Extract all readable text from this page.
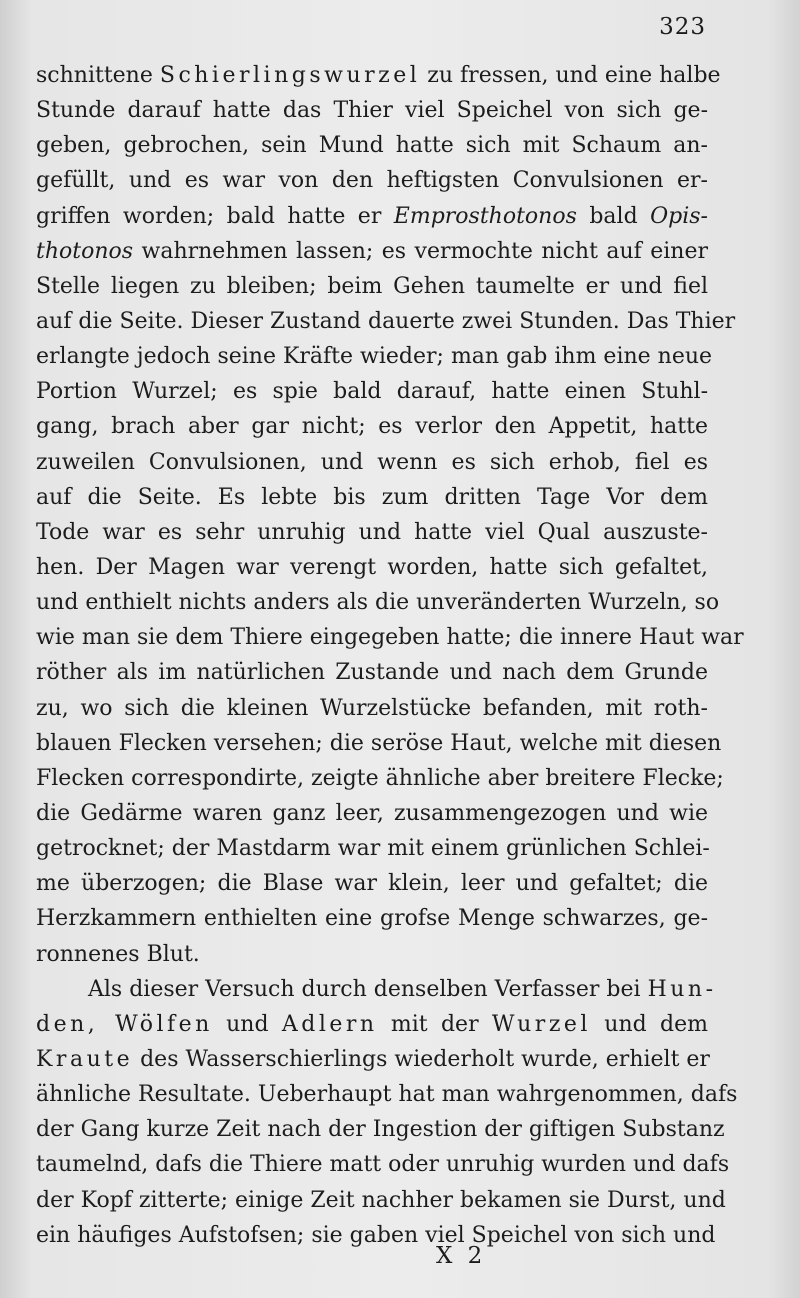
323
schnittene Schierlingswurzel zu fressen, und eine halbe
Stunde darauf hatte das Thier viel Speichel von sich ge-
geben, gebrochen, sein Mund hatte sich mit Schaum an-
gefüllt, und es war von den heftigsten Convulsionen er-
griffen worden; bald hatte er Emprosthotonos bald Opis-
thotonos wahrnehmen lassen; es vermochte nicht auf einer
Stelle liegen zu bleiben; beim Gehen taumelte er und fiel
auf die Seite. Dieser Zustand dauerte zwei Stunden. Das Thier
erlangte jedoch seine Kräfte wieder; man gab ihm eine neue
Portion Wurzel; es spie bald darauf, hatte einen Stuhl-
gang, brach aber gar nicht; es verlor den Appetit, hatte
zuweilen Convulsionen, und wenn es sich erhob, fiel es
auf die Seite. Es lebte bis zum dritten Tage Vor dem
Tode war es sehr unruhig und hatte viel Qual auszuste-
hen. Der Magen war verengt worden, hatte sich gefaltet,
und enthielt nichts anders als die unveränderten Wurzeln, so
wie man sie dem Thiere eingegeben hatte; die innere Haut war
röther als im natürlichen Zustande und nach dem Grunde
zu, wo sich die kleinen Wurzelstücke befanden, mit roth-
blauen Flecken versehen; die seröse Haut, welche mit diesen
Flecken correspondirte, zeigte ähnliche aber breitere Flecke;
die Gedärme waren ganz leer, zusammengezogen und wie
getrocknet; der Mastdarm war mit einem grünlichen Schlei-
me überzogen; die Blase war klein, leer und gefaltet; die
Herzkammern enthielten eine grofse Menge schwarzes, ge-
ronnenes Blut.
Als dieser Versuch durch denselben Verfasser bei Hun-
den, Wölfen und Adlern mit der Wurzel und dem
Kraute des Wasserschierlings wiederholt wurde, erhielt er
ähnliche Resultate. Ueberhaupt hat man wahrgenommen, dafs
der Gang kurze Zeit nach der Ingestion der giftigen Substanz
taumelnd, dafs die Thiere matt oder unruhig wurden und dafs
der Kopf zitterte; einige Zeit nachher bekamen sie Durst, und
ein häufiges Aufstofsen; sie gaben viel Speichel von sich und
X 2
